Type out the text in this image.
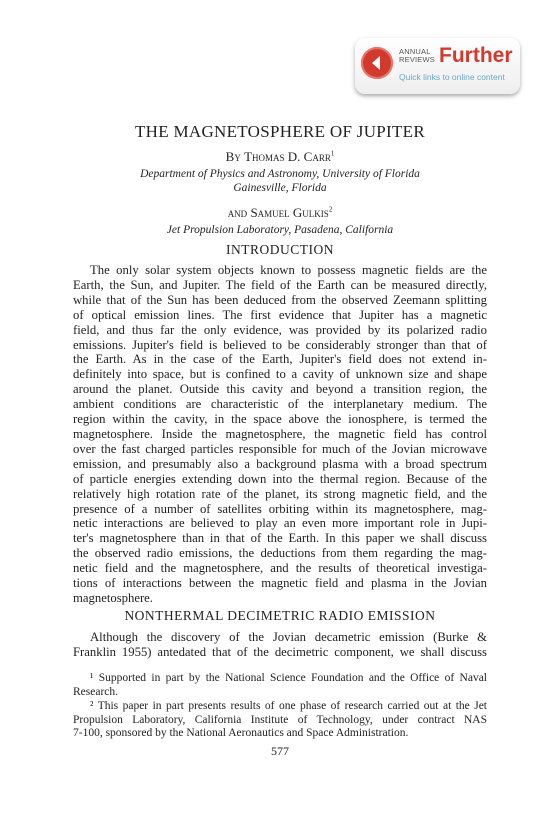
ANNUAL
REVIEWS Further
Quick links to online content
THE MAGNETOSPHERE OF JUPITER
By Thomas D. Carr$^1$
Department of Physics and Astronomy, University of Florida
Gainesville, Florida
and Samuel Gulkis$^2$
Jet Propulsion Laboratory, Pasadena, California
INTRODUCTION
The only solar system objects known to possess magnetic fields are the
Earth, the Sun, and Jupiter. The field of the Earth can be measured directly,
while that of the Sun has been deduced from the observed Zeemann splitting
of optical emission lines. The first evidence that Jupiter has a magnetic
field, and thus far the only evidence, was provided by its polarized radio
emissions. Jupiter's field is believed to be considerably stronger than that of
the Earth. As in the case of the Earth, Jupiter's field does not extend in-
definitely into space, but is confined to a cavity of unknown size and shape
around the planet. Outside this cavity and beyond a transition region, the
ambient conditions are characteristic of the interplanetary medium. The
region within the cavity, in the space above the ionosphere, is termed the
magnetosphere. Inside the magnetosphere, the magnetic field has control
over the fast charged particles responsible for much of the Jovian microwave
emission, and presumably also a background plasma with a broad spectrum
of particle energies extending down into the thermal region. Because of the
relatively high rotation rate of the planet, its strong magnetic field, and the
presence of a number of satellites orbiting within its magnetosphere, mag-
netic interactions are believed to play an even more important role in Jupi-
ter's magnetosphere than in that of the Earth. In this paper we shall discuss
the observed radio emissions, the deductions from them regarding the mag-
netic field and the magnetosphere, and the results of theoretical investiga-
tions of interactions between the magnetic field and plasma in the Jovian
magnetosphere.
NONTHERMAL DECIMETRIC RADIO EMISSION
Although the discovery of the Jovian decametric emission (Burke &
Franklin 1955) antedated that of the decimetric component, we shall discuss
¹ Supported in part by the National Science Foundation and the Office of Naval
Research.
² This paper in part presents results of one phase of research carried out at the Jet
Propulsion Laboratory, California Institute of Technology, under contract NAS
7-100, sponsored by the National Aeronautics and Space Administration.
577
